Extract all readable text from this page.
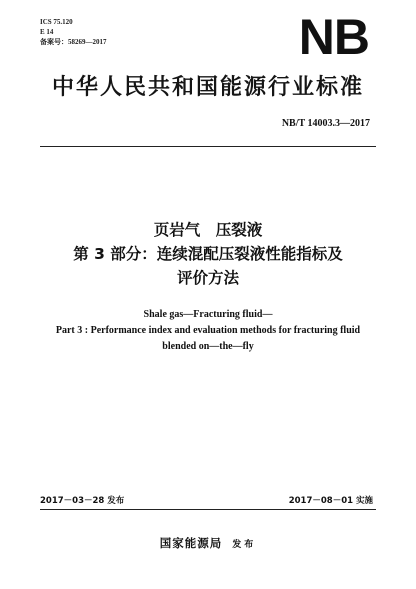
ICS 75.120
E 14
备案号：58269—2017	NB
中华人民共和国能源行业标准
NB/T 14003.3—2017
页岩气　压裂液
第 3 部分：连续混配压裂液性能指标及
评价方法
Shale gas—Fracturing fluid—
Part 3 : Performance index and evaluation methods for fracturing fluid
blended on—the—fly
2017－03－28 发布	2017－08－01 实施
国家能源局 发布
